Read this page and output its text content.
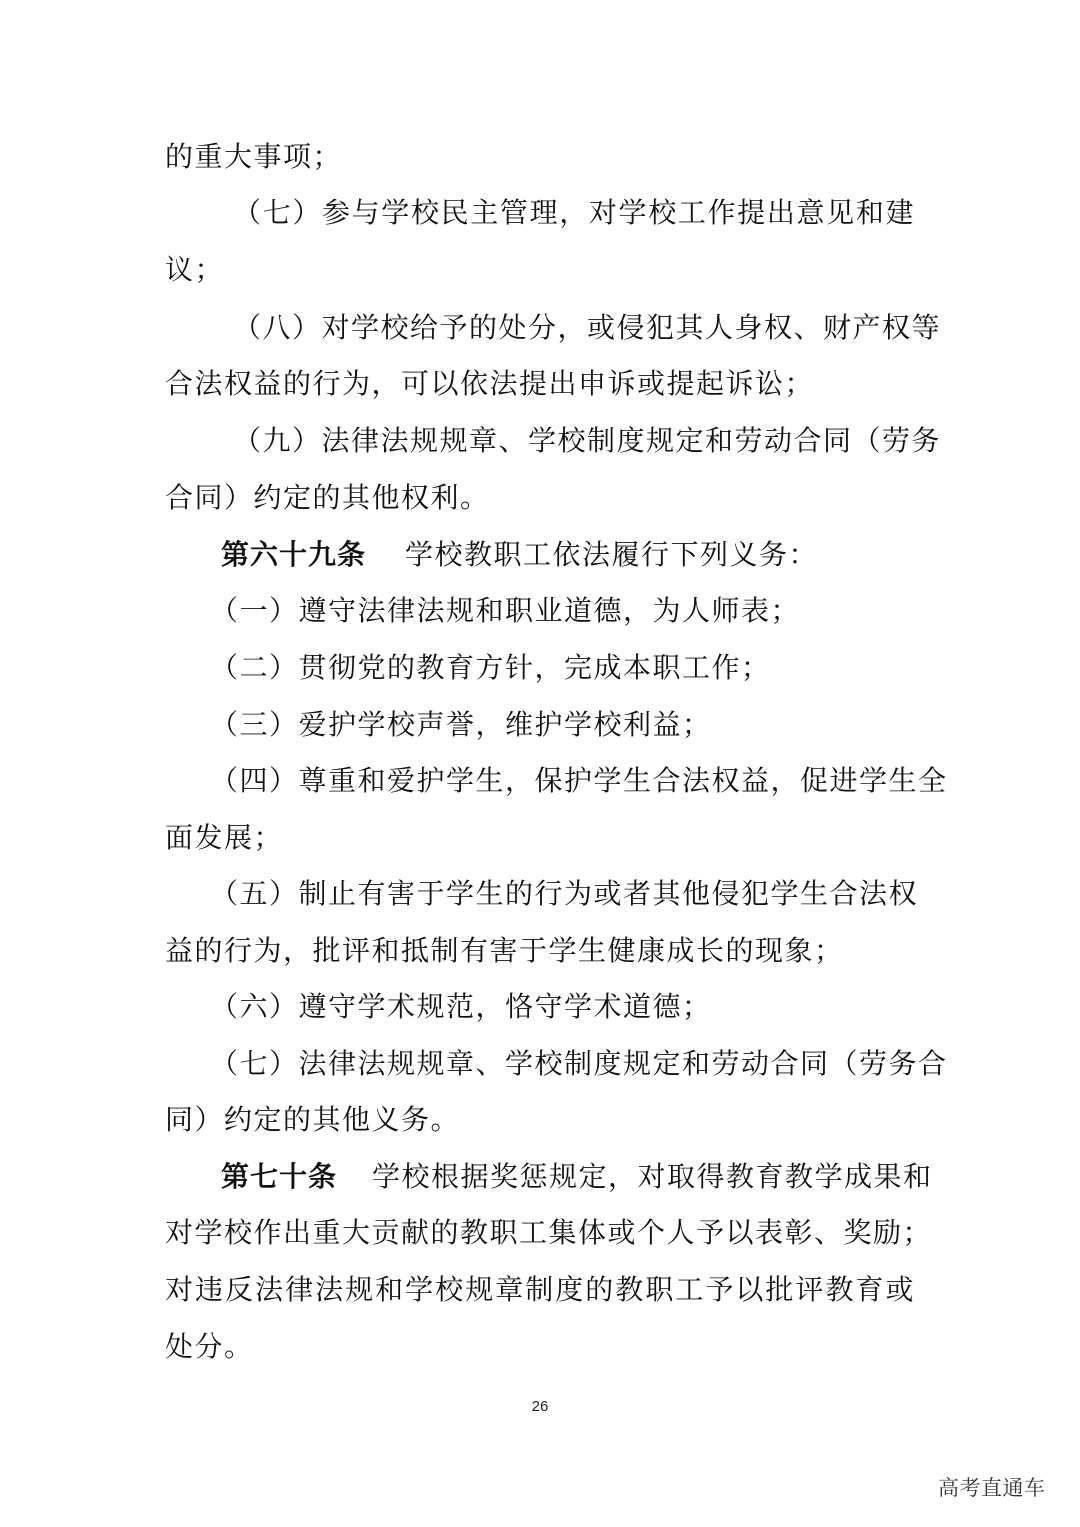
的重大事项；
（七）参与学校民主管理，对学校工作提出意见和建
议；
（八）对学校给予的处分，或侵犯其人身权、财产权等
合法权益的行为，可以依法提出申诉或提起诉讼；
（九）法律法规规章、学校制度规定和劳动合同（劳务
合同）约定的其他权利。
第六十九条 学校教职工依法履行下列义务：
（一）遵守法律法规和职业道德，为人师表；
（二）贯彻党的教育方针，完成本职工作；
（三）爱护学校声誉，维护学校利益；
（四）尊重和爱护学生，保护学生合法权益，促进学生全
面发展；
（五）制止有害于学生的行为或者其他侵犯学生合法权
益的行为，批评和抵制有害于学生健康成长的现象；
（六）遵守学术规范，恪守学术道德；
（七）法律法规规章、学校制度规定和劳动合同（劳务合
同）约定的其他义务。
第七十条 学校根据奖惩规定，对取得教育教学成果和
对学校作出重大贡献的教职工集体或个人予以表彰、奖励；
对违反法律法规和学校规章制度的教职工予以批评教育或
处分。
26
高考直通车
